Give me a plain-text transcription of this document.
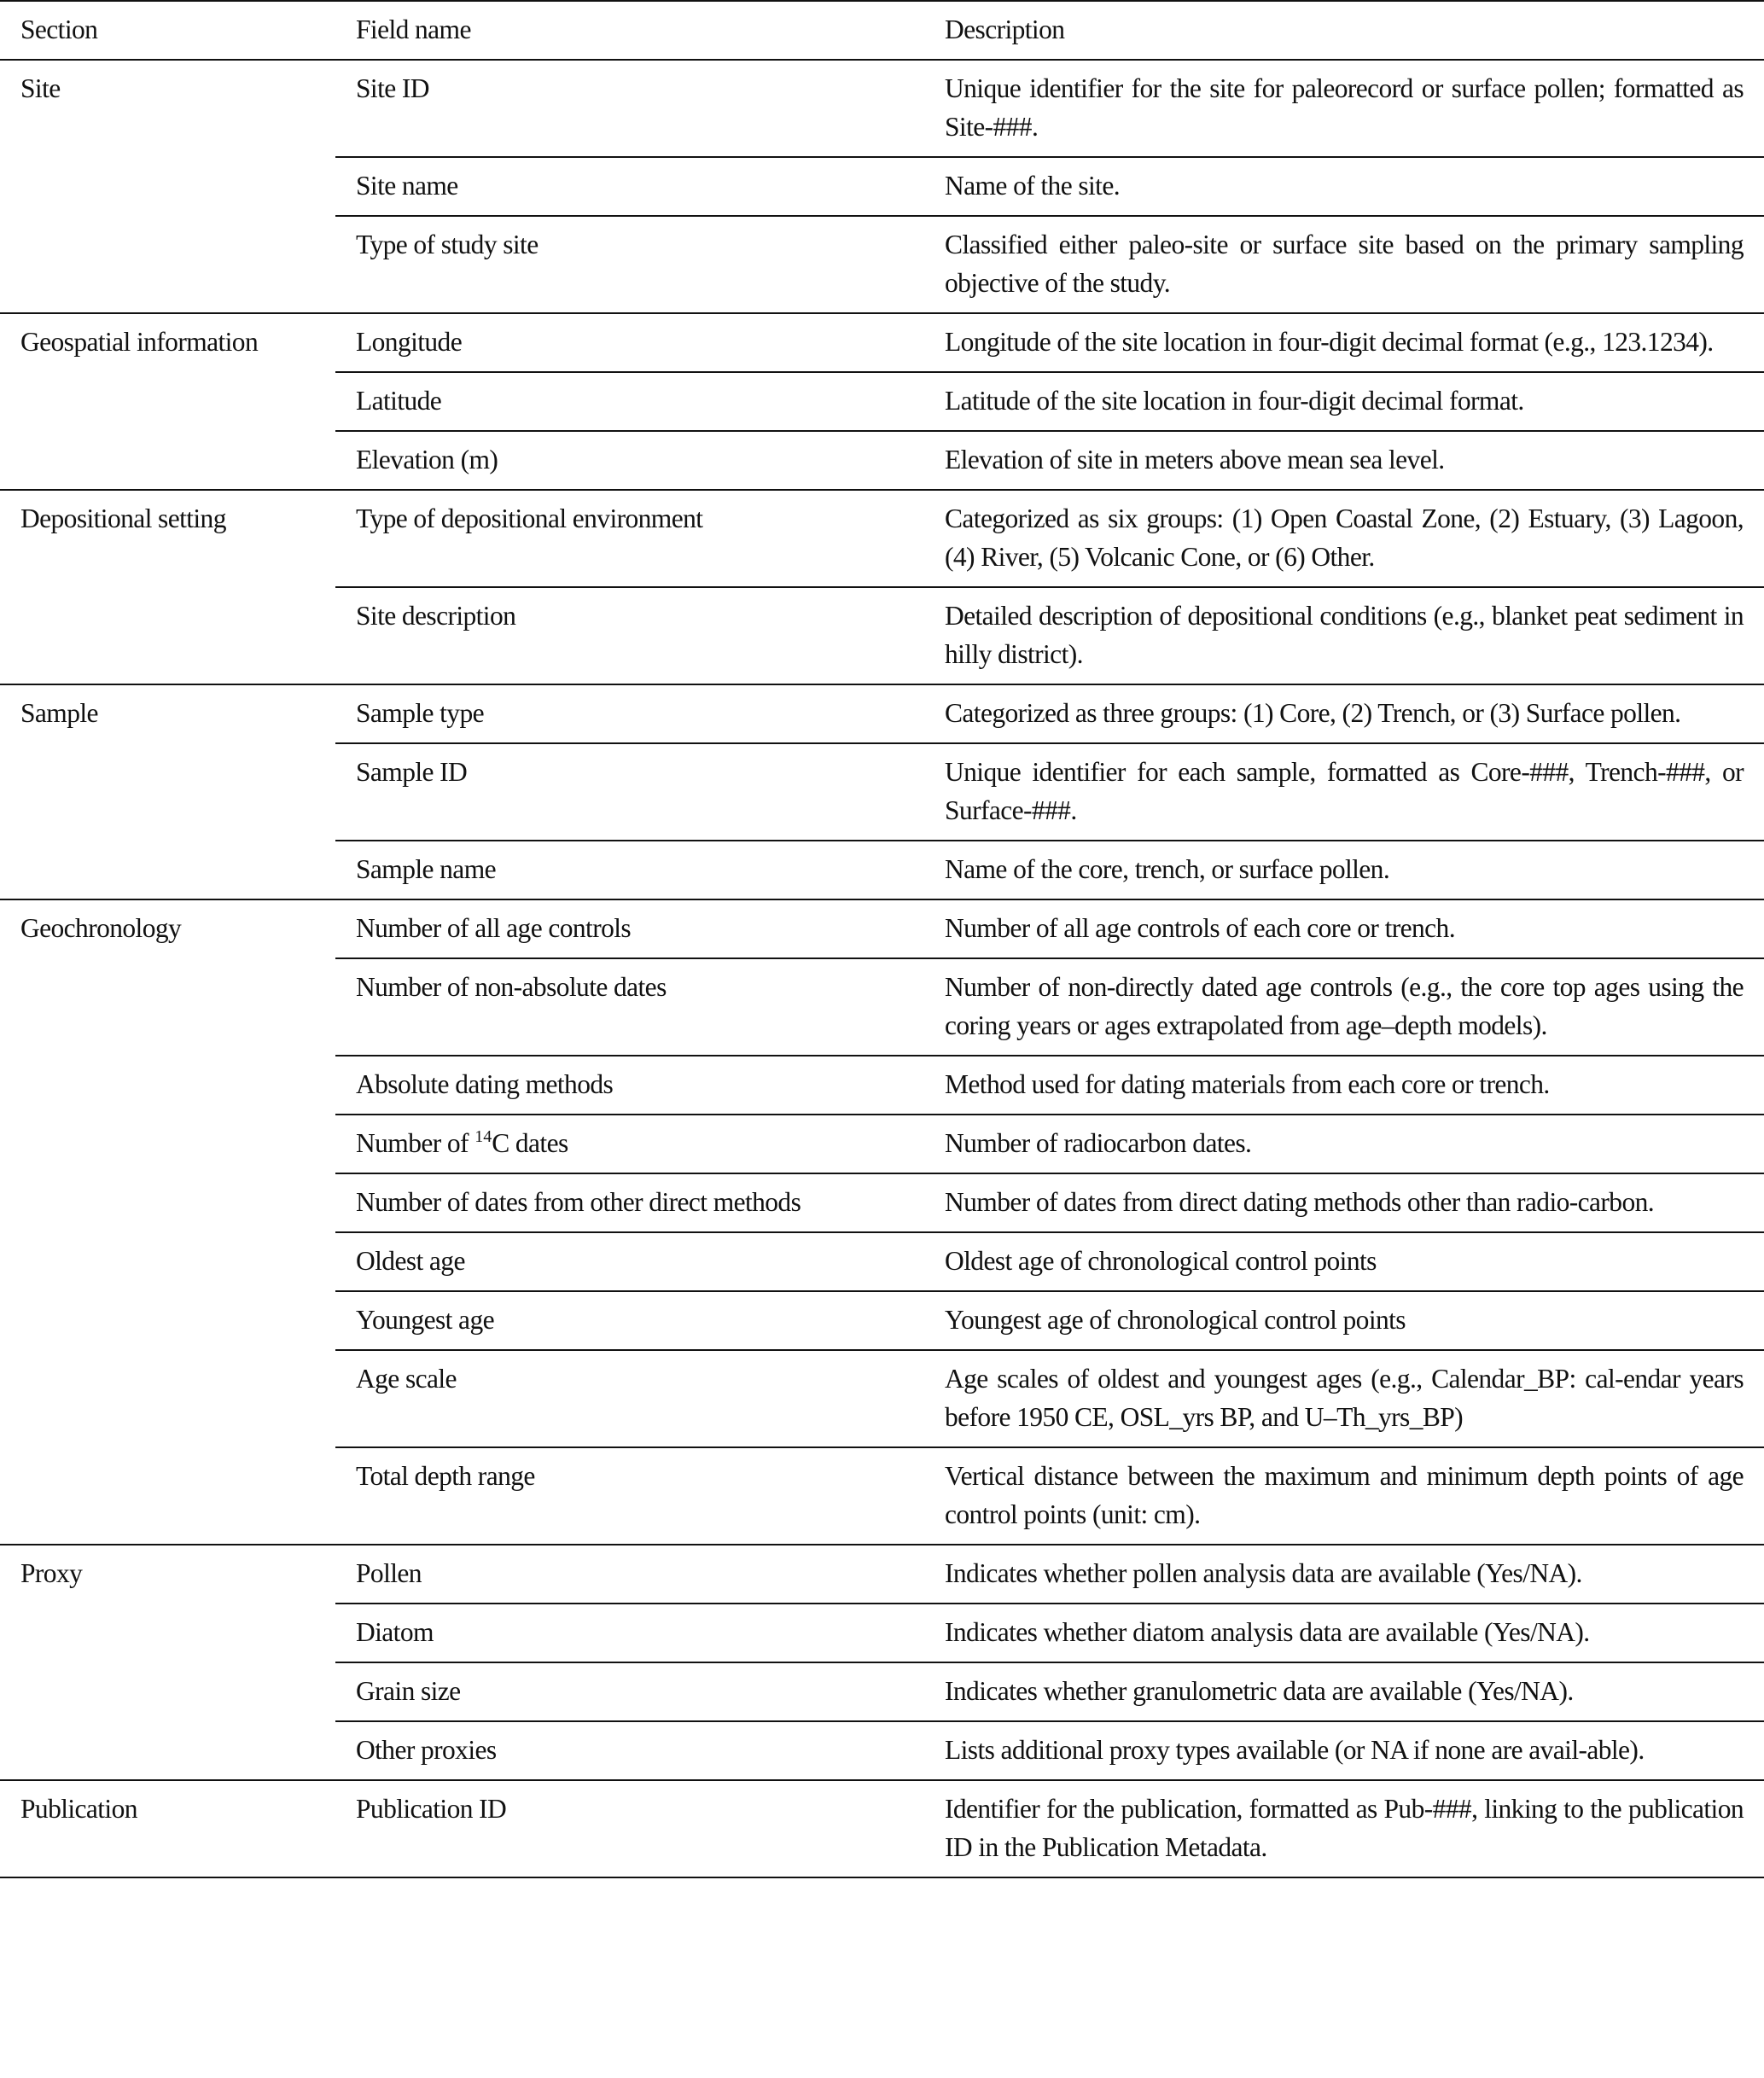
Section	Field name	Description
Site	Site ID	Unique identifier for the site for paleorecord or surface pollen; formatted as Site-###.
	Site name	Name of the site.
	Type of study site	Classified either paleo-site or surface site based on the primary sampling objective of the study.
Geospatial information	Longitude	Longitude of the site location in four-digit decimal format (e.g., 123.1234).
	Latitude	Latitude of the site location in four-digit decimal format.
	Elevation (m)	Elevation of site in meters above mean sea level.
Depositional setting	Type of depositional environment	Categorized as six groups: (1) Open Coastal Zone, (2) Estuary, (3) Lagoon, (4) River, (5) Volcanic Cone, or (6) Other.
	Site description	Detailed description of depositional conditions (e.g., blanket peat sediment in hilly district).
Sample	Sample type	Categorized as three groups: (1) Core, (2) Trench, or (3) Surface pollen.
	Sample ID	Unique identifier for each sample, formatted as Core-###, Trench-###, or Surface-###.
	Sample name	Name of the core, trench, or surface pollen.
Geochronology	Number of all age controls	Number of all age controls of each core or trench.
	Number of non-absolute dates	Number of non-directly dated age controls (e.g., the core top ages using the coring years or ages extrapolated from age–depth models).
	Absolute dating methods	Method used for dating materials from each core or trench.
	Number of $^{14}$C dates	Number of radiocarbon dates.
	Number of dates from other direct methods	Number of dates from direct dating methods other than radio-carbon.
	Oldest age	Oldest age of chronological control points
	Youngest age	Youngest age of chronological control points
	Age scale	Age scales of oldest and youngest ages (e.g., Calendar_BP: cal-endar years before 1950 CE, OSL_yrs BP, and U–Th_yrs_BP)
	Total depth range	Vertical distance between the maximum and minimum depth points of age control points (unit: cm).
Proxy	Pollen	Indicates whether pollen analysis data are available (Yes/NA).
	Diatom	Indicates whether diatom analysis data are available (Yes/NA).
	Grain size	Indicates whether granulometric data are available (Yes/NA).
	Other proxies	Lists additional proxy types available (or NA if none are avail-able).
Publication	Publication ID	Identifier for the publication, formatted as Pub-###, linking to the publication ID in the Publication Metadata.
